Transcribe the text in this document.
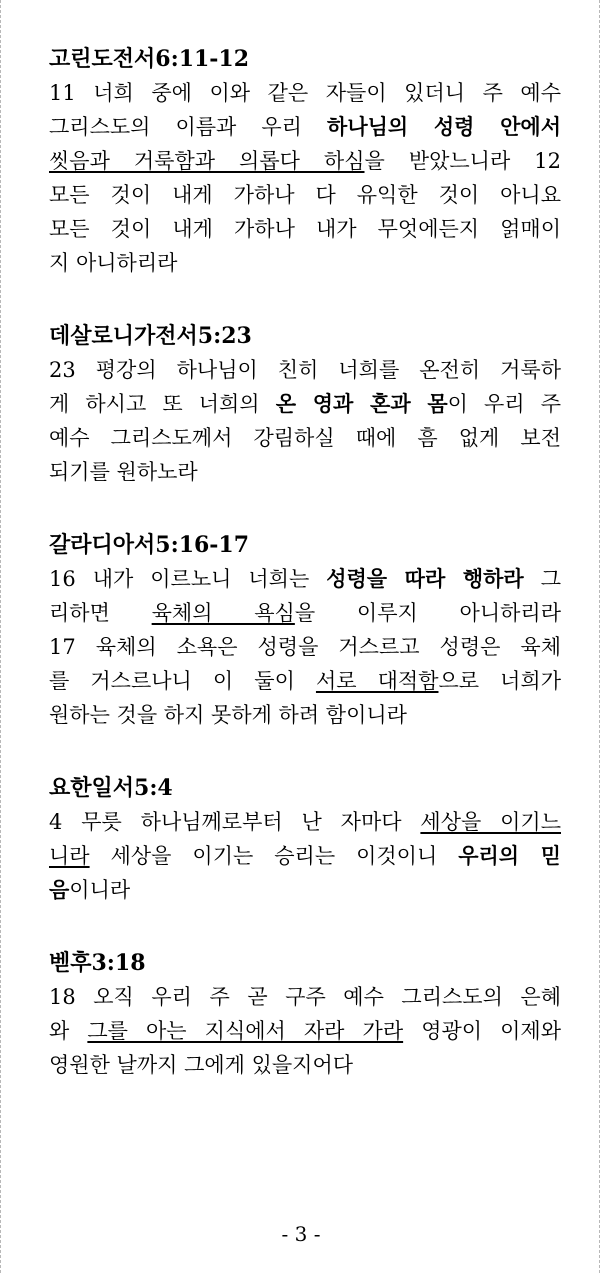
고린도전서6:11-12
11 너희 중에 이와 같은 자들이 있더니 주 예수
그리스도의 이름과 우리 하나님의 성령 안에서
씻음과 거룩함과 의롭다 하심을 받았느니라 12
모든 것이 내게 가하나 다 유익한 것이 아니요
모든 것이 내게 가하나 내가 무엇에든지 얽매이
지 아니하리라
데살로니가전서5:23
23 평강의 하나님이 친히 너희를 온전히 거룩하
게 하시고 또 너희의 온 영과 혼과 몸이 우리 주
예수 그리스도께서 강림하실 때에 흠 없게 보전
되기를 원하노라
갈라디아서5:16-17
16 내가 이르노니 너희는 성령을 따라 행하라 그
리하면 육체의 욕심을 이루지 아니하리라
17 육체의 소욕은 성령을 거스르고 성령은 육체
를 거스르나니 이 둘이 서로 대적함으로 너희가
원하는 것을 하지 못하게 하려 함이니라
요한일서5:4
4 무릇 하나님께로부터 난 자마다 세상을 이기느
니라 세상을 이기는 승리는 이것이니 우리의 믿
음이니라
벧후3:18
18 오직 우리 주 곧 구주 예수 그리스도의 은혜
와 그를 아는 지식에서 자라 가라 영광이 이제와
영원한 날까지 그에게 있을지어다
- 3 -
